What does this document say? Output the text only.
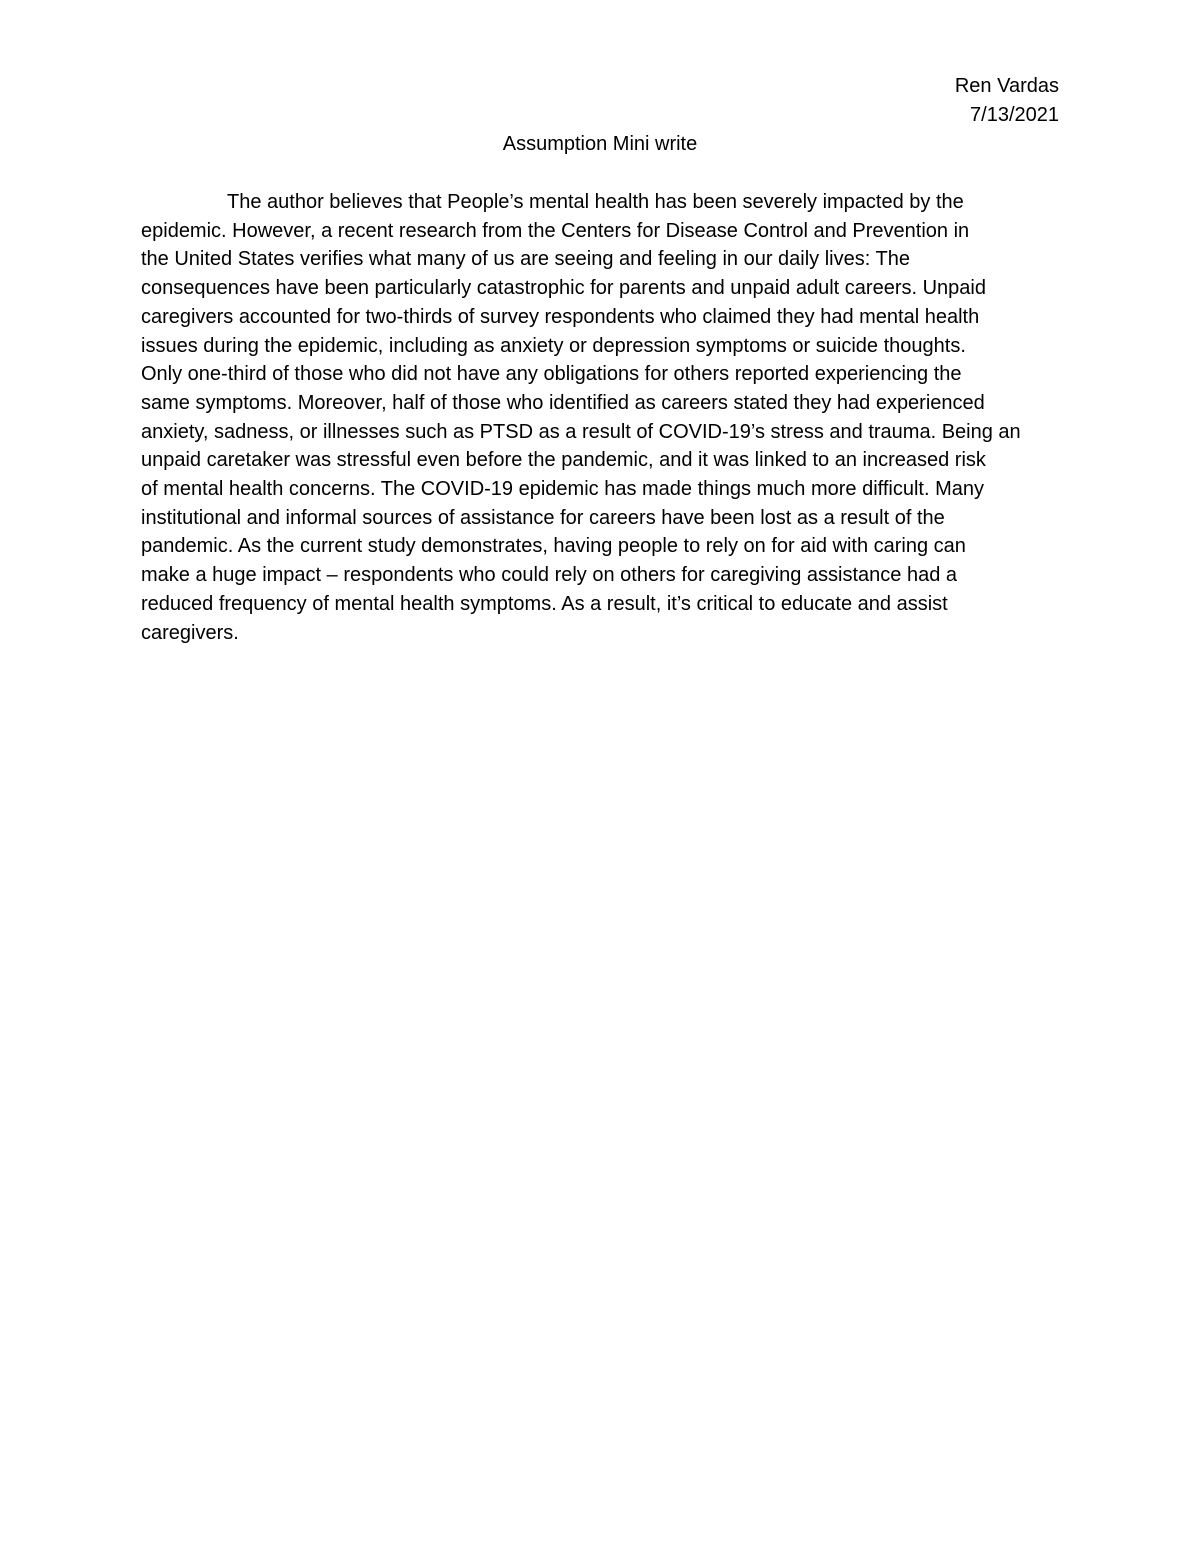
Ren Vardas
7/13/2021
Assumption Mini write
The author believes that People’s mental health has been severely impacted by the
epidemic. However, a recent research from the Centers for Disease Control and Prevention in
the United States verifies what many of us are seeing and feeling in our daily lives: The
consequences have been particularly catastrophic for parents and unpaid adult careers. Unpaid
caregivers accounted for two-thirds of survey respondents who claimed they had mental health
issues during the epidemic, including as anxiety or depression symptoms or suicide thoughts.
Only one-third of those who did not have any obligations for others reported experiencing the
same symptoms. Moreover, half of those who identified as careers stated they had experienced
anxiety, sadness, or illnesses such as PTSD as a result of COVID-19’s stress and trauma. Being an
unpaid caretaker was stressful even before the pandemic, and it was linked to an increased risk
of mental health concerns. The COVID-19 epidemic has made things much more difficult. Many
institutional and informal sources of assistance for careers have been lost as a result of the
pandemic. As the current study demonstrates, having people to rely on for aid with caring can
make a huge impact – respondents who could rely on others for caregiving assistance had a
reduced frequency of mental health symptoms. As a result, it’s critical to educate and assist
caregivers.
